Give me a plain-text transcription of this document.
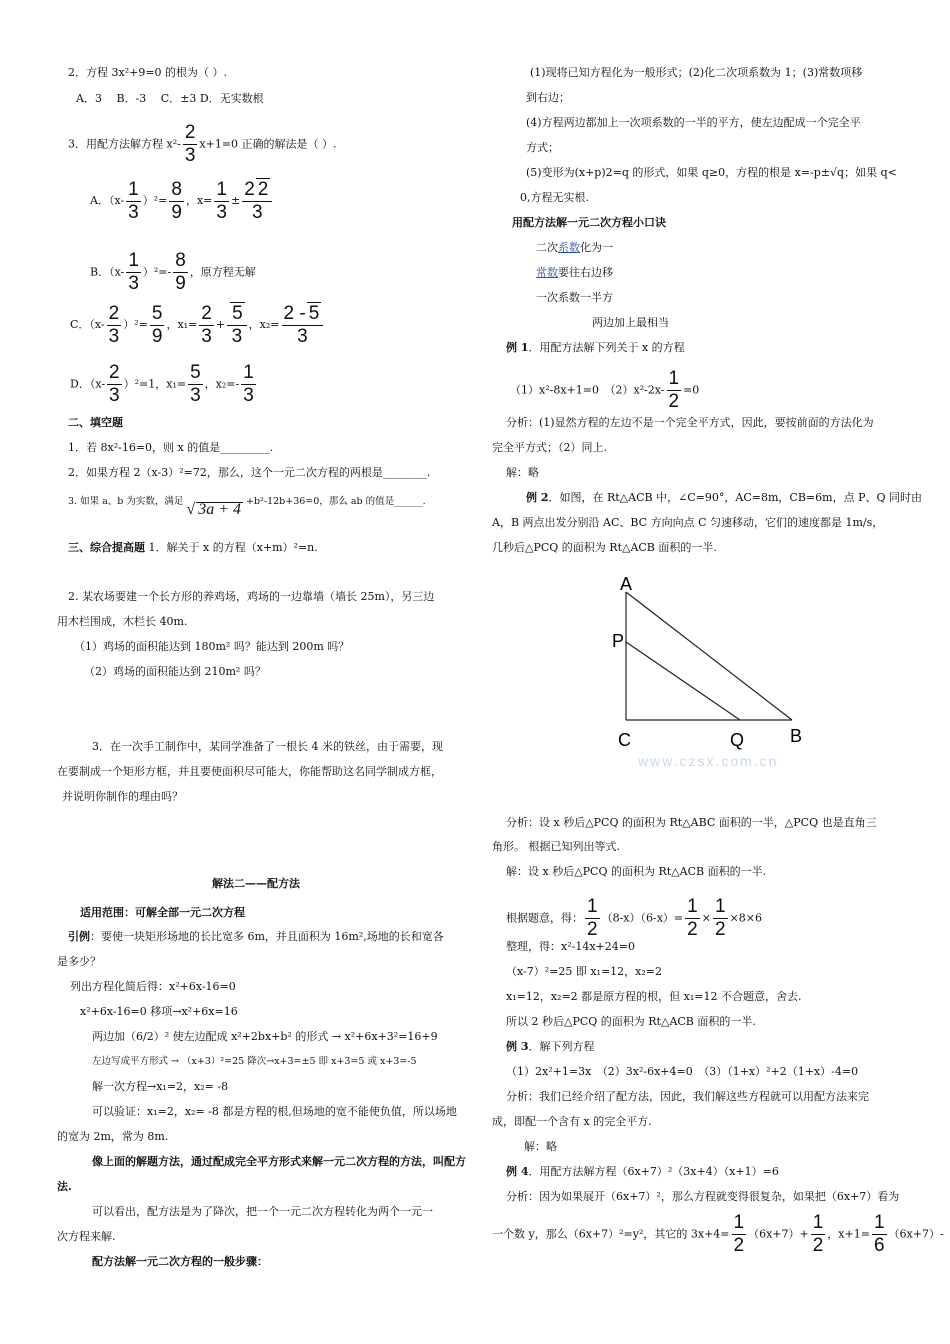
2．方程 3x²+9=0 的根为（ ）.
A．3　 B．-3　 C．±3 D．无实数根
3．用配方法解方程 $x^2- \frac{2}{3} x+1=0$ 正确的解法是（ ）.
A．$(x- \frac{1}{3} )^2= \frac{8}{9}$ ，$x= \frac{1}{3} \pm \frac{2 2}{3}$
B．$(x- \frac{1}{3} )^2=- \frac{8}{9}$ ，原方程无解
C．$(x- \frac{2}{3} )^2= \frac{5}{9}$ ，$x_1= \frac{2}{3} + \frac{5}{3}$ ，$x_2= \frac{2 - 5}{3}$
D．$(x- \frac{2}{3} )^2=1$，$x_1= \frac{5}{3}$ ，$x_2=- \frac{1}{3}$
二、填空题
1．若 8x²-16=0，则 x 的值是_________.
2．如果方程 2（x-3）²=72，那么，这个一元二次方程的两根是________.
3. 如果 a、b 为实数，满足 √ 3a + 4 +b²-12b+36=0，那么 ab 的值是______.
三、综合提高题 1．解关于 x 的方程（x+m）²=n.
2. 某农场要建一个长方形的养鸡场，鸡场的一边靠墙（墙长 25m），另三边
用木栏围成，木栏长 40m.
（1）鸡场的面积能达到 180m² 吗？能达到 200m 吗？
（2）鸡场的面积能达到 210m² 吗？
3．在一次手工制作中，某同学准备了一根长 4 米的铁丝，由于需要，现
在要制成一个矩形方框，并且要使面积尽可能大，你能帮助这名同学制成方框，
并说明你制作的理由吗？
解法二——配方法
适用范围：可解全部一元二次方程
引例：要使一块矩形场地的长比宽多 6m，并且面积为 16m²,场地的长和宽各
是多少？
列出方程化简后得：x²+6x-16=0
x²+6x-16=0 移项→x²+6x=16
两边加（6/2）² 使左边配成 x²+2bx+b² 的形式 → x²+6x+3²=16+9
左边写成平方形式 → （x+3）²=25 降次→x+3=±5 即 x+3=5 或 x+3=-5
解一次方程→x₁=2，x₂= -8
可以验证：x₁=2，x₂= -8 都是方程的根,但场地的宽不能使负值，所以场地
的宽为 2m，常为 8m.
像上面的解题方法，通过配成完全平方形式来解一元二次方程的方法，叫配方
法.
可以看出，配方法是为了降次，把一个一元二次方程转化为两个一元一
次方程来解.
配方法解一元二次方程的一般步骤：
(1)现将已知方程化为一般形式；(2)化二次项系数为 1；(3)常数项移
到右边；
(4)方程两边都加上一次项系数的一半的平方，使左边配成一个完全平
方式；
(5)变形为(x+p)2=q 的形式，如果 q≥0，方程的根是 x=-p±√q；如果 q<
0,方程无实根.
用配方法解一元二次方程小口诀
二次系数化为一
常数要往右边移
一次系数一半方
两边加上最相当
例 1．用配方法解下列关于 x 的方程
（1）x²-8x+1=0　$(2)x^2-2x- \frac{1}{2} =0$
分析：(1)显然方程的左边不是一个完全平方式，因此，要按前面的方法化为
完全平方式；（2）同上.
解：略
例 2．如图，在 Rt△ACB 中，∠C=90°，AC=8m，CB=6m，点 P、Q 同时由
A，B 两点出发分别沿 AC、BC 方向向点 C 匀速移动，它们的速度都是 1m/s，
几秒后△PCQ 的面积为 Rt△ACB 面积的一半.
A
P
C	Q	B
www.czsx.com.cn
分析：设 x 秒后△PCQ 的面积为 Rt△ABC 面积的一半，△PCQ 也是直角三
角形。 根据已知列出等式.
解：设 x 秒后△PCQ 的面积为 Rt△ACB 面积的一半.
根据题意，得： $\frac{1}{2} (8-x)(6-x)= \frac{1}{2} \times \frac{1}{2} \times 8\times 6$
整理，得：x²-14x+24=0
（x-7）²=25 即 x₁=12，x₂=2
x₁=12，x₂=2 都是原方程的根，但 x₁=12 不合题意，舍去.
所以 2 秒后△PCQ 的面积为 Rt△ACB 面积的一半.
例 3．解下列方程
（1）2x²+1=3x　（2）3x²-6x+4=0　（3）（1+x）²+2（1+x）-4=0
分析：我们已经介绍了配方法，因此，我们解这些方程就可以用配方法来完
成，即配一个含有 x 的完全平方.
解：略
例 4．用配方法解方程（6x+7）²（3x+4）（x+1）=6
分析：因为如果展开（6x+7）²，那么方程就变得很复杂，如果把（6x+7）看为
一个数 y，那么（6x+7）²=y²，其它的 $3x+4= \frac{1}{2} (6x+7)+ \frac{1}{2}$ ，$x+1= \frac{1}{6} (6x+7)-$
